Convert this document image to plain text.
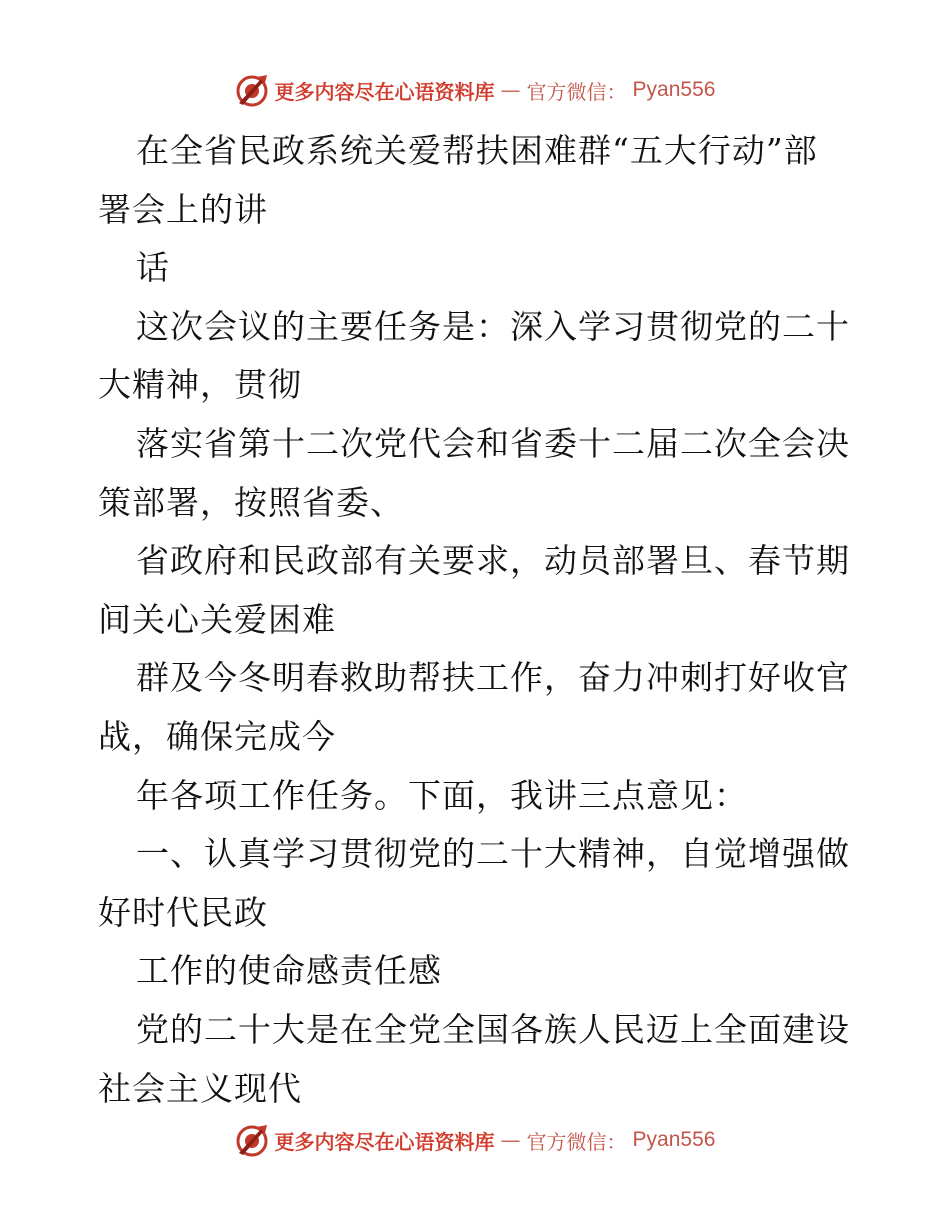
更多内容尽在心语资料库 — 官方微信： Pyan556
在全省民政系统关爱帮扶困难群“五大行动”部
署会上的讲
话
这次会议的主要任务是：深入学习贯彻党的二十
大精神，贯彻
落实省第十二次党代会和省委十二届二次全会决
策部署，按照省委、
省政府和民政部有关要求，动员部署旦、春节期
间关心关爱困难
群及今冬明春救助帮扶工作，奋力冲刺打好收官
战，确保完成今
年各项工作任务。下面，我讲三点意见：
一、认真学习贯彻党的二十大精神，自觉增强做
好时代民政
工作的使命感责任感
党的二十大是在全党全国各族人民迈上全面建设
社会主义现代
更多内容尽在心语资料库 — 官方微信： Pyan556
